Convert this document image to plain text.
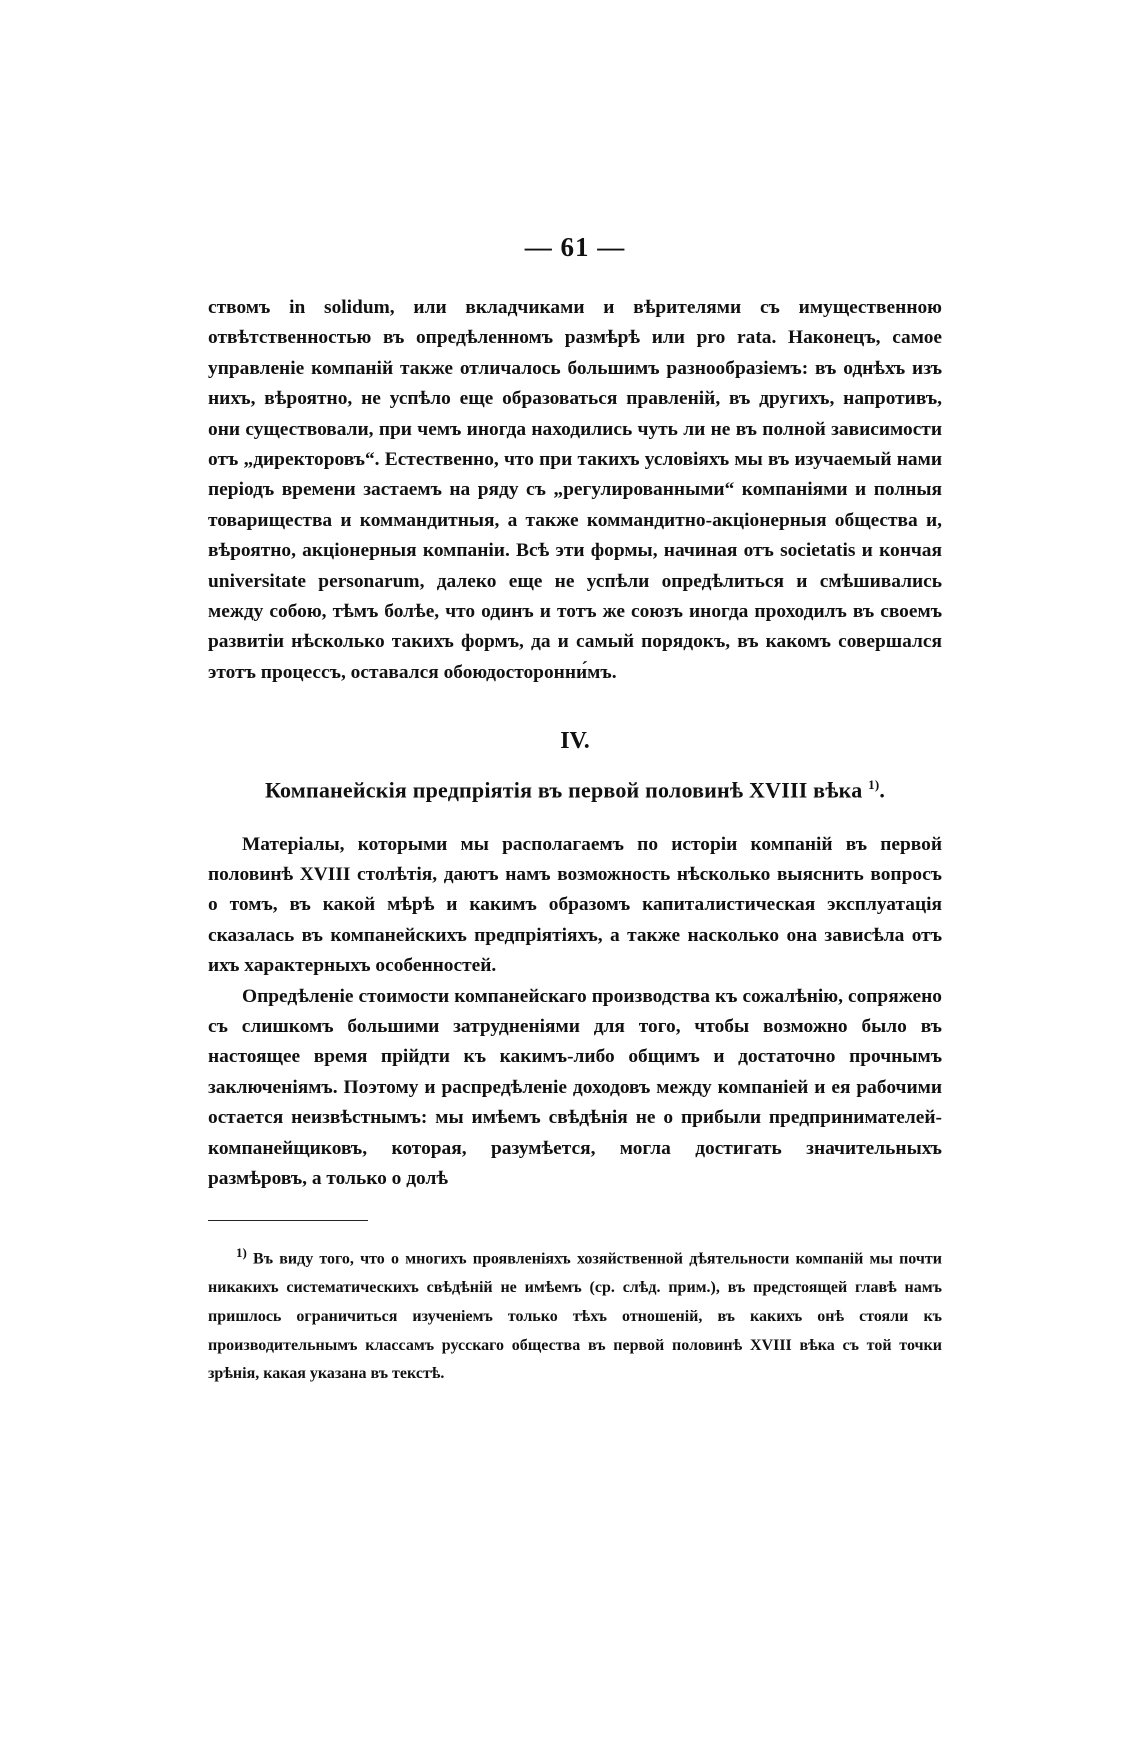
— 61 —

ствомъ in solidum, или вкладчиками и вѣрителями съ имущественною отвѣтственностью въ опредѣленномъ размѣрѣ или pro rata. Наконецъ, самое управленіе компаній также отличалось большимъ разнообразіемъ: въ однѣхъ изъ нихъ, вѣроятно, не успѣло еще образоваться правленій, въ другихъ, напротивъ, они существовали, при чемъ иногда находились чуть ли не въ полной зависимости отъ „директоровъ“. Естественно, что при такихъ условіяхъ мы въ изучаемый нами періодъ времени застаемъ на ряду съ „регулированными“ компаніями и полныя товарищества и коммандитныя, а также коммандитно-акціонерныя общества и, вѣроятно, акціонерныя компаніи. Всѣ эти формы, начиная отъ societatis и кончая universitate personarum, далеко еще не успѣли опредѣлиться и смѣшивались между собою, тѣмъ болѣе, что одинъ и тотъ же союзъ иногда проходилъ въ своемъ развитіи нѣсколько такихъ формъ, да и самый порядокъ, въ какомъ совершался этотъ процессъ, оставался обоюдосторонни́мъ.

IV.
Компанейскія предпріятія въ первой половинѣ XVIII вѣка $^{1)}$.

Матеріалы, которыми мы располагаемъ по исторіи компаній въ первой половинѣ XVIII столѣтія, даютъ намъ возможность нѣсколько выяснить вопросъ о томъ, въ какой мѣрѣ и какимъ образомъ капиталистическая эксплуатація сказалась въ компанейскихъ предпріятіяхъ, а также насколько она зависѣла отъ ихъ характерныхъ особенностей.

Опредѣленіе стоимости компанейскаго производства къ сожалѣнію, сопряжено съ слишкомъ большими затрудненіями для того, чтобы возможно было въ настоящее время прійдти къ какимъ-либо общимъ и достаточно прочнымъ заключеніямъ. Поэтому и распредѣленіе доходовъ между компаніей и ея рабочими остается неизвѣстнымъ: мы имѣемъ свѣдѣнія не о прибыли предпринимателей-компанейщиковъ, которая, разумѣется, могла достигать значительныхъ размѣровъ, а только о долѣ

$^{1)}$ Въ виду того, что о многихъ проявленіяхъ хозяйственной дѣятельности компаній мы почти никакихъ систематическихъ свѣдѣній не имѣемъ (ср. слѣд. прим.), въ предстоящей главѣ намъ пришлось ограничиться изученіемъ только тѣхъ отношеній, въ какихъ онѣ стояли къ производительнымъ классамъ русскаго общества въ первой половинѣ XVIII вѣка съ той точки зрѣнія, какая указана въ текстѣ.
